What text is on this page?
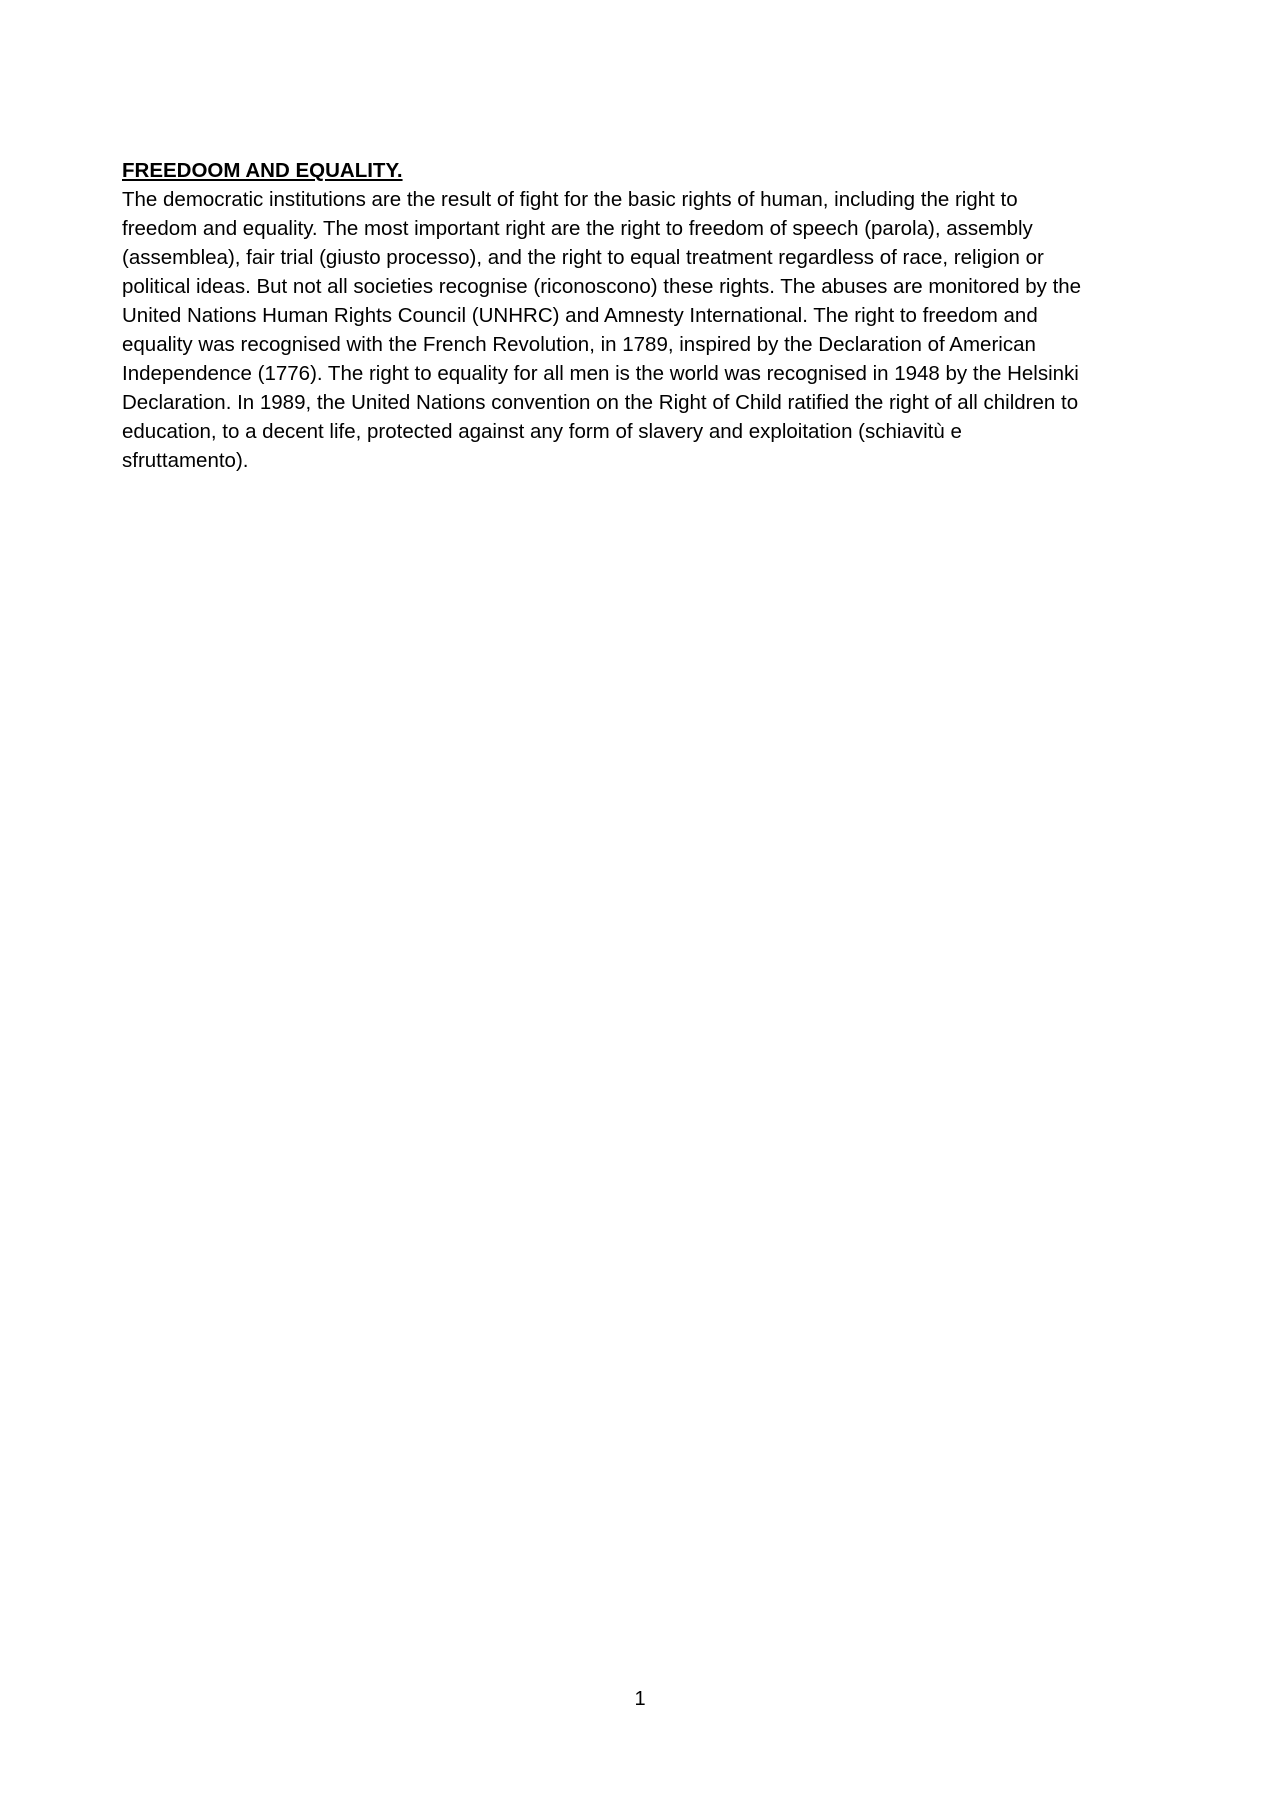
FREEDOOM AND EQUALITY.

The democratic institutions are the result of fight for the basic rights of human, including the right to

freedom and equality. The most important right are the right to freedom of speech (parola), assembly

(assemblea), fair trial (giusto processo), and the right to equal treatment regardless of race, religion or

political ideas. But not all societies recognise (riconoscono) these rights. The abuses are monitored by the

United Nations Human Rights Council (UNHRC) and Amnesty International. The right to freedom and

equality was recognised with the French Revolution, in 1789, inspired by the Declaration of American

Independence (1776). The right to equality for all men is the world was recognised in 1948 by the Helsinki

Declaration. In 1989, the United Nations convention on the Right of Child ratified the right of all children to

education, to a decent life, protected against any form of slavery and exploitation (schiavitù e

sfruttamento).

1
